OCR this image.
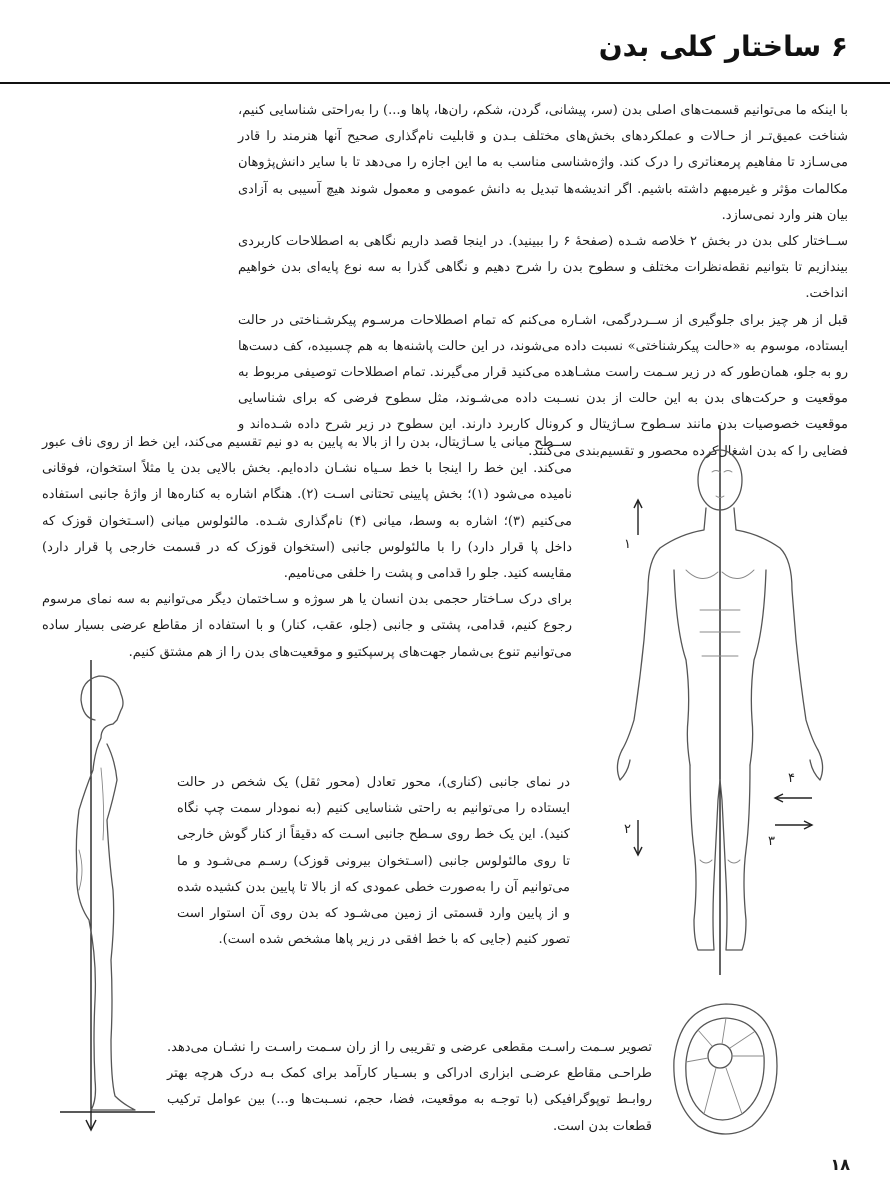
۶ ساختار کلی بدن

با اینکه ما می‌توانیم قسمت‌های اصلی بدن (سر، پیشانی، گردن، شکم، ران‌ها، پاها و...) را به‌راحتی شناسایی کنیم، شناخت عمیق‌تـر از حـالات و عملکردهای بخش‌های مختلف بـدن و قابلیت نام‌گذاری صحیح آنها هنرمند را قادر می‌سـازد تا مفاهیم پرمعناتری را درک کند. واژه‌شناسی مناسب به ما این اجازه را می‌دهد تا با سایر دانش‌پژوهان مکالمات مؤثر و غیرمبهم داشته باشیم. اگر اندیشه‌ها تبدیل به دانش عمومی و معمول شوند هیچ آسیبی به آزادی بیان هنر وارد نمی‌سازد.

ســاختار کلی بدن در بخش ۲ خلاصه شـده (صفحهٔ ۶ را ببینید). در اینجا قصد داریم نگاهی به اصطلاحات کاربردی بیندازیم تا بتوانیم نقطه‌نظرات مختلف و سطوح بدن را شرح دهیم و نگاهی گذرا به سه نوع پایه‌ای بدن خواهیم انداخت.

قبل از هر چیز برای جلوگیری از ســردرگمی، اشـاره می‌کنم که تمام اصطلاحات مرسـوم پیکر‌شـناختی در حالت ایستاده، موسوم به «حالت پیکرشناختی» نسبت داده می‌شوند، در این حالت پاشنه‌ها به هم چسبیده، کف دست‌ها رو به جلو، همان‌طور که در زیر سـمت راست مشـاهده می‌کنید قرار می‌گیرند. تمام اصطلاحات توصیفی مربوط به موقعیت و حرکت‌های بدن به این حالت از بدن نسـبت داده می‌شـوند، مثل سطوح فرضی که برای شناسایی موقعیت خصوصیات بدن مانند سـطوح سـاژیتال و کرونال کاربرد دارند. این سطوح در زیر شرح داده شـده‌اند و فضایی را که بدن اشغال‌کرده محصور و تقسیم‌بندی می‌کنند.

ســطح میانی یا سـاژیتال، بدن را از بالا به پایین به دو نیم تقسیم می‌کند، این خط از روی ناف عبور می‌کند. این خط را اینجا با خط سـیاه نشـان داده‌ایم. بخش بالایی بدن یا مثلاً استخوان، فوقانی نامیده می‌شود (۱)؛ بخش پایینی تحتانی اسـت (۲). هنگام اشاره به کناره‌ها از واژهٔ جانبی استفاده می‌کنیم (۳)؛ اشاره به وسط، میانی (۴) نام‌گذاری شـده. مالئولوس میانی (اسـتخوان قوزک که داخل پا قرار دارد) را با مالئولوس جانبی (استخوان قوزک که در قسمت خارجی پا قرار دارد) مقایسه کنید. جلو را قدامی و پشت را خلفی می‌نامیم.

برای درک سـاختار حجمی بدن انسان یا هر سوژه و سـاختمان دیگر می‌توانیم به سه نمای مرسوم رجوع کنیم، قدامی، پشتی و جانبی (جلو، عقب، کنار) و با استفاده از مقاطع عرضی بسیار ساده می‌توانیم تنوع بی‌شمار جهت‌های پرسپکتیو و موقعیت‌های بدن را از هم مشتق کنیم.

در نمای جانبی (کناری)، محور تعادل (محور ثقل) یک شخص در حالت ایستاده را می‌توانیم به راحتی شناسایی کنیم (به نمودار سمت چپ نگاه کنید). این یک خط روی سـطح جانبی اسـت که دقیقاً از کنار گوش خارجی تا روی مالئولوس جانبی (اسـتخوان بیرونی قوزک) رسـم می‌شـود و ما می‌توانیم آن را به‌صورت خطی عمودی که از بالا تا پایین بدن کشیده شده و از پایین وارد قسمتی از زمین می‌شـود که بدن روی آن استوار است تصور کنیم (جایی که با خط افقی در زیر پاها مشخص شده است).

تصویر سـمت راسـت مقطعی عرضی و تقریبی را از ران سـمت راسـت را نشـان می‌دهد. طراحـی مقاطع عرضـی ابزاری ادراکی و بسـیار کارآمد برای کمک بـه درک هرچه بهتر روابـط توپوگرافیکی (با توجـه به موقعیت، فضا، حجم، نسـبت‌ها و...) بین عوامل ترکیب قطعات بدن است.

۱۸
۱
۲
۳
۴
